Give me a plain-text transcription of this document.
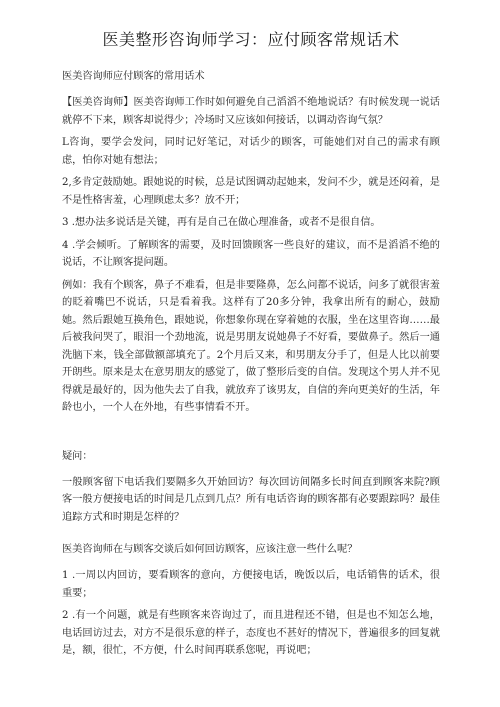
医美整形咨询师学习：应付顾客常规话术
医美咨询师应付顾客的常用话术

【医美咨询师】医美咨询师工作时如何避免自己滔滔不绝地说话？有时候发现一说话就停不下来，顾客却说得少；冷场时又应该如何接话，以调动咨询气氛？

L咨询，要学会发问，同时记好笔记，对话少的顾客，可能她们对自己的需求有顾虑，怕你对她有想法；

2,多肯定鼓励她。跟她说的时候，总是试图调动起她来，发问不少，就是还闷着，是不是性格害羞，心理顾虑太多？放不开；

3 .想办法多说话是关键，再有是自己在做心理准备，或者不是很自信。

4 .学会倾听。了解顾客的需要，及时回馈顾客一些良好的建议，而不是滔滔不绝的说话，不让顾客提问题。

例如：我有个顾客，鼻子不难看，但是非要隆鼻，怎么问都不说话，问多了就很害羞的眨着嘴巴不说话，只是看着我。这样有了20多分钟，我拿出所有的耐心，鼓励她。然后跟她互换角色，跟她说，你想象你现在穿着她的衣服，坐在这里咨询……最后被我问哭了，眼泪一个劲地流，说是男朋友说她鼻子不好看，要做鼻子。然后一通洗脑下来，钱全部做额部填充了。2个月后又来，和男朋友分手了，但是人比以前要开朗些。原来是太在意男朋友的感觉了，做了整形后变的自信。发现这个男人并不见得就是最好的，因为他失去了自我，就放弃了该男友，自信的奔向更美好的生活，年龄也小，一个人在外地，有些事情看不开。

疑问：

一般顾客留下电话我们要隔多久开始回访？每次回访间隔多长时间直到顾客来院?顾客一般方便接电话的时间是几点到几点？所有电话咨询的顾客都有必要跟踪吗？最佳追踪方式和时期是怎样的？

医美咨询师在与顾客交谈后如何回访顾客，应该注意一些什么呢？

1 .一周以内回访，要看顾客的意向，方便接电话，晚饭以后，电话销售的话术，很重要；

2 .有一个问题，就是有些顾客来咨询过了，而且进程还不错，但是也不知怎么地，电话回访过去，对方不是很乐意的样子，态度也不甚好的情况下，普遍很多的回复就是，额，很忙，不方便，什么时间再联系您呢，再说吧；
